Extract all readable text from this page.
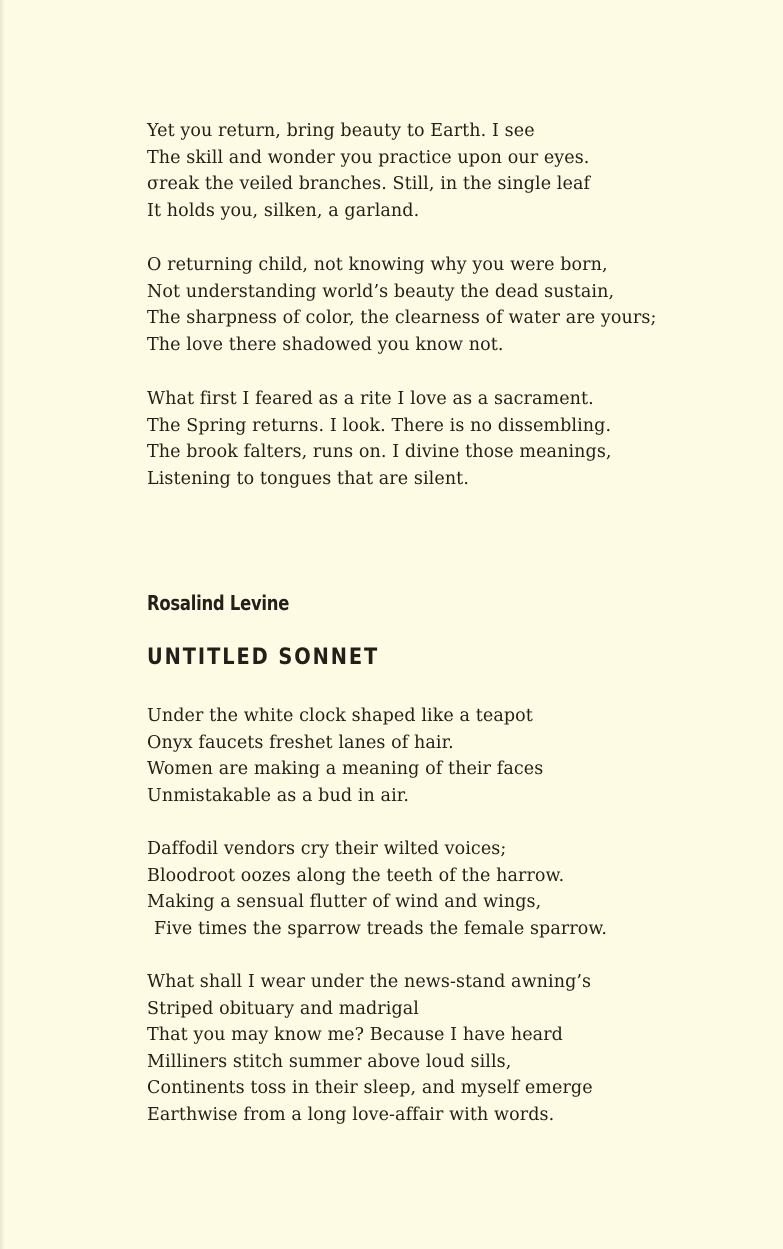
Yet you return, bring beauty to Earth. I see
The skill and wonder you practice upon our eyes.
σreak the veiled branches. Still, in the single leaf
It holds you, silken, a garland.
O returning child, not knowing why you were born,
Not understanding world’s beauty the dead sustain,
The sharpness of color, the clearness of water are yours;
The love there shadowed you know not.
What first I feared as a rite I love as a sacrament.
The Spring returns. I look. There is no dissembling.
The brook falters, runs on. I divine those meanings,
Listening to tongues that are silent.
Rosalind Levine
UNTITLED SONNET
Under the white clock shaped like a teapot
Onyx faucets freshet lanes of hair.
Women are making a meaning of their faces
Unmistakable as a bud in air.
Daffodil vendors cry their wilted voices;
Bloodroot oozes along the teeth of the harrow.
Making a sensual flutter of wind and wings,
Five times the sparrow treads the female sparrow.
What shall I wear under the news-stand awning’s
Striped obituary and madrigal
That you may know me? Because I have heard
Milliners stitch summer above loud sills,
Continents toss in their sleep, and myself emerge
Earthwise from a long love-affair with words.
